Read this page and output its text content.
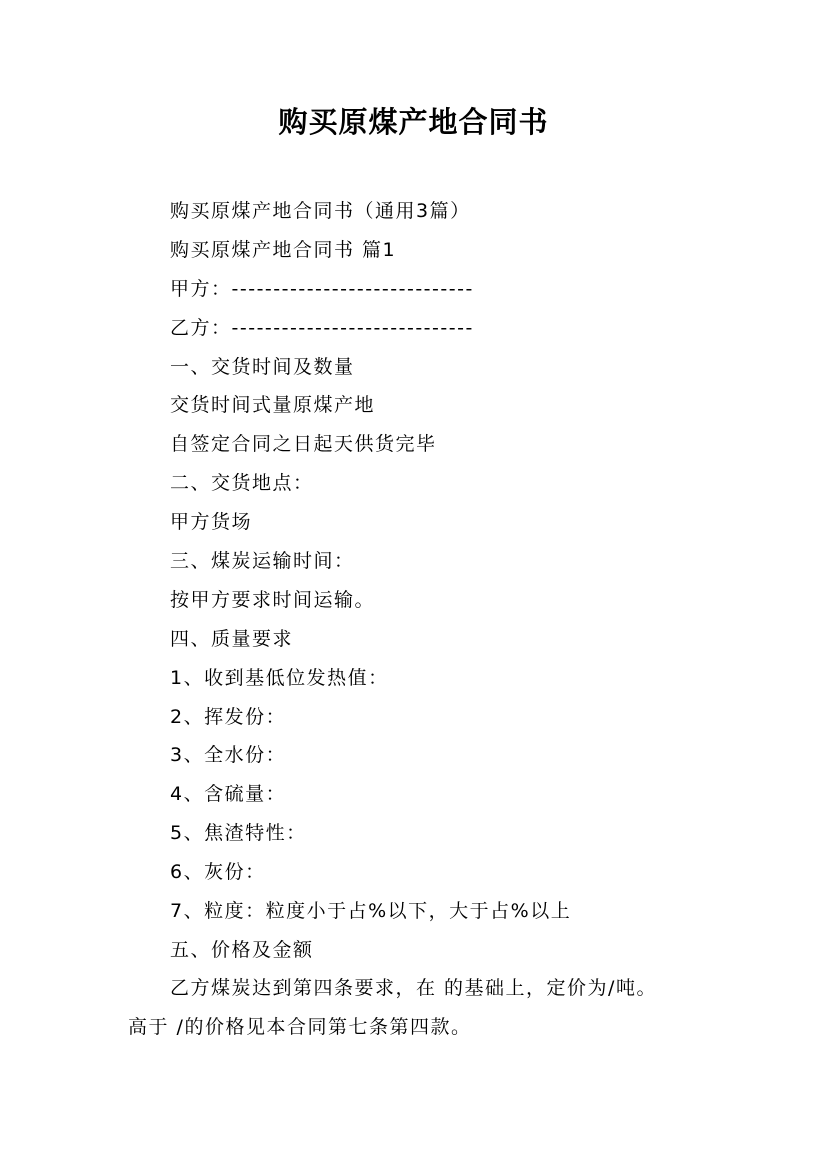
购买原煤产地合同书
购买原煤产地合同书（通用3篇）
购买原煤产地合同书 篇1
甲方：-----------------------------
乙方：-----------------------------
一、交货时间及数量
交货时间式量原煤产地
自签定合同之日起天供货完毕
二、交货地点：
甲方货场
三、煤炭运输时间：
按甲方要求时间运输。
四、质量要求
1、收到基低位发热值：
2、挥发份：
3、全水份：
4、含硫量：
5、焦渣特性：
6、灰份：
7、粒度：粒度小于占%以下，大于占%以上
五、价格及金额
乙方煤炭达到第四条要求，在 的基础上，定价为/吨。
高于 /的价格见本合同第七条第四款。
